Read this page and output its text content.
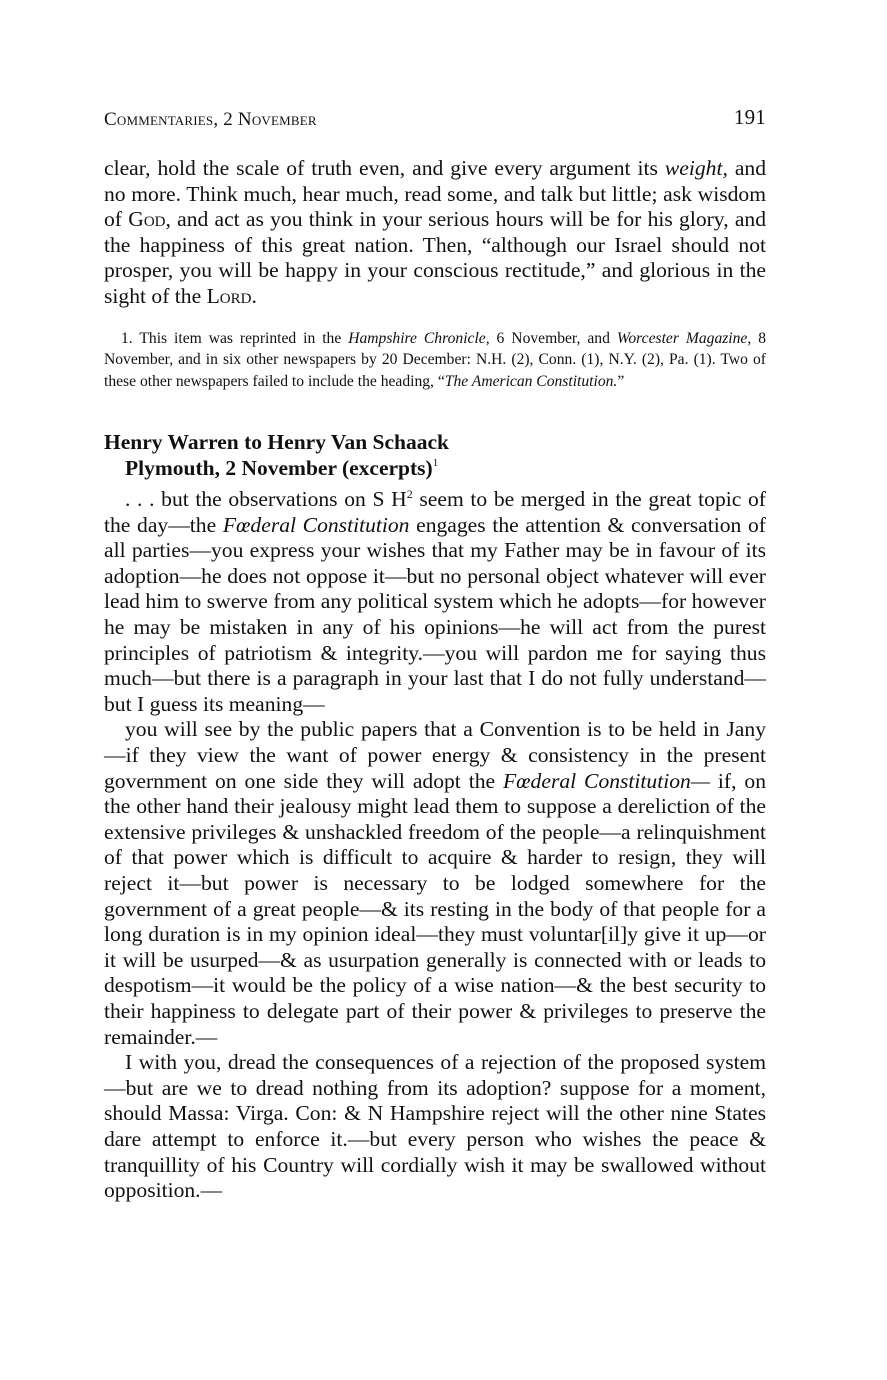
Commentaries, 2 November	191

clear, hold the scale of truth even, and give every argument its weight, and no more. Think much, hear much, read some, and talk but little; ask wisdom of God, and act as you think in your serious hours will be for his glory, and the happiness of this great nation. Then, “although our Israel should not prosper, you will be happy in your conscious rectitude,” and glorious in the sight of the Lord.

1. This item was reprinted in the Hampshire Chronicle, 6 November, and Worcester Magazine, 8 November, and in six other newspapers by 20 December: N.H. (2), Conn. (1), N.Y. (2), Pa. (1). Two of these other newspapers failed to include the heading, “The American Constitution.”

Henry Warren to Henry Van Schaack
Plymouth, 2 November (excerpts)$^1$

. . . but the observations on S $H^2$ seem to be merged in the great topic of the day—the Fœderal Constitution engages the attention & conversation of all parties—you express your wishes that my Father may be in favour of its adoption—he does not oppose it—but no personal object whatever will ever lead him to swerve from any political system which he adopts—for however he may be mistaken in any of his opinions—he will act from the purest principles of patriotism & integrity.—you will pardon me for saying thus much—but there is a paragraph in your last that I do not fully understand—but I guess its meaning—

you will see by the public papers that a Convention is to be held in Jany—if they view the want of power energy & consistency in the present government on one side they will adopt the Fœderal Constitution— if, on the other hand their jealousy might lead them to suppose a dereliction of the extensive privileges & unshackled freedom of the people—a relinquishment of that power which is difficult to acquire & harder to resign, they will reject it—but power is necessary to be lodged somewhere for the government of a great people—& its resting in the body of that people for a long duration is in my opinion ideal—they must voluntar[il]y give it up—or it will be usurped—& as usurpation generally is connected with or leads to despotism—it would be the policy of a wise nation—& the best security to their happiness to delegate part of their power & privileges to preserve the remainder.—

I with you, dread the consequences of a rejection of the proposed system—but are we to dread nothing from its adoption? suppose for a moment, should Massa: Virga. Con: & N Hampshire reject will the other nine States dare attempt to enforce it.—but every person who wishes the peace & tranquillity of his Country will cordially wish it may be swallowed without opposition.—
